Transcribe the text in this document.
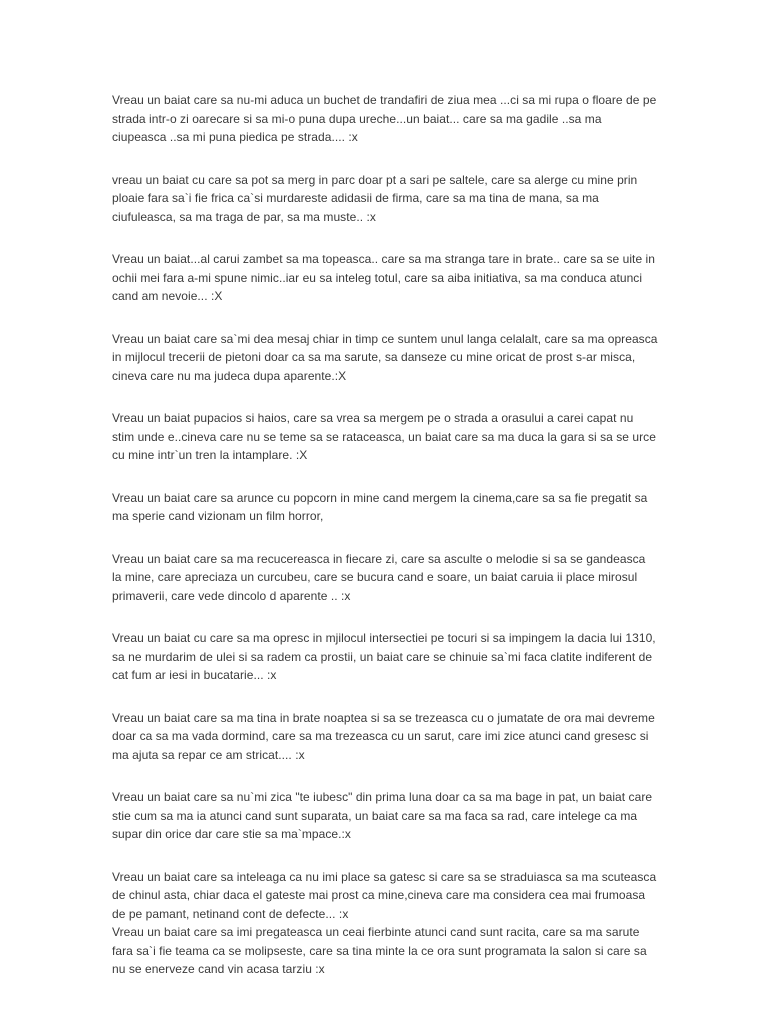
Vreau un baiat care sa nu-mi aduca un buchet de trandafiri de ziua mea ...ci sa mi rupa o floare de pe strada intr-o zi oarecare si sa mi-o puna dupa ureche...un baiat... care sa ma gadile ..sa ma ciupeasca ..sa mi puna piedica pe strada.... :x

vreau un baiat cu care sa pot sa merg in parc doar pt a sari pe saltele, care sa alerge cu mine prin ploaie fara sa`i fie frica ca`si murdareste adidasii de firma, care sa ma tina de mana, sa ma ciufuleasca, sa ma traga de par, sa ma muste.. :x

Vreau un baiat...al carui zambet sa ma topeasca.. care sa ma stranga tare in brate.. care sa se uite in ochii mei fara a-mi spune nimic..iar eu sa inteleg totul, care sa aiba initiativa, sa ma conduca atunci cand am nevoie... :X

Vreau un baiat care sa`mi dea mesaj chiar in timp ce suntem unul langa celalalt, care sa ma opreasca in mijlocul trecerii de pietoni doar ca sa ma sarute, sa danseze cu mine oricat de prost s-ar misca, cineva care nu ma judeca dupa aparente.:X

Vreau un baiat pupacios si haios, care sa vrea sa mergem pe o strada a orasului a carei capat nu stim unde e..cineva care nu se teme sa se rataceasca, un baiat care sa ma duca la gara si sa se urce cu mine intr`un tren la intamplare. :X

Vreau un baiat care sa arunce cu popcorn in mine cand mergem la cinema,care sa sa fie pregatit sa ma sperie cand vizionam un film horror,

Vreau un baiat care sa ma recucereasca in fiecare zi, care sa asculte o melodie si sa se gandeasca la mine, care apreciaza un curcubeu, care se bucura cand e soare, un baiat caruia ii place mirosul primaverii, care vede dincolo d aparente .. :x

Vreau un baiat cu care sa ma opresc in mjilocul intersectiei pe tocuri si sa impingem la dacia lui 1310, sa ne murdarim de ulei si sa radem ca prostii, un baiat care se chinuie sa`mi faca clatite indiferent de cat fum ar iesi in bucatarie... :x

Vreau un baiat care sa ma tina in brate noaptea si sa se trezeasca cu o jumatate de ora mai devreme doar ca sa ma vada dormind, care sa ma trezeasca cu un sarut, care imi zice atunci cand gresesc si ma ajuta sa repar ce am stricat.... :x

Vreau un baiat care sa nu`mi zica "te iubesc" din prima luna doar ca sa ma bage in pat, un baiat care stie cum sa ma ia atunci cand sunt suparata, un baiat care sa ma faca sa rad, care intelege ca ma supar din orice dar care stie sa ma`mpace.:x

Vreau un baiat care sa inteleaga ca nu imi place sa gatesc si care sa se straduiasca sa ma scuteasca de chinul asta, chiar daca el gateste mai prost ca mine,cineva care ma considera cea mai frumoasa de pe pamant, netinand cont de defecte... :x

Vreau un baiat care sa imi pregateasca un ceai fierbinte atunci cand sunt racita, care sa ma sarute fara sa`i fie teama ca se molipseste, care sa tina minte la ce ora sunt programata la salon si care sa nu se enerveze cand vin acasa tarziu :x
